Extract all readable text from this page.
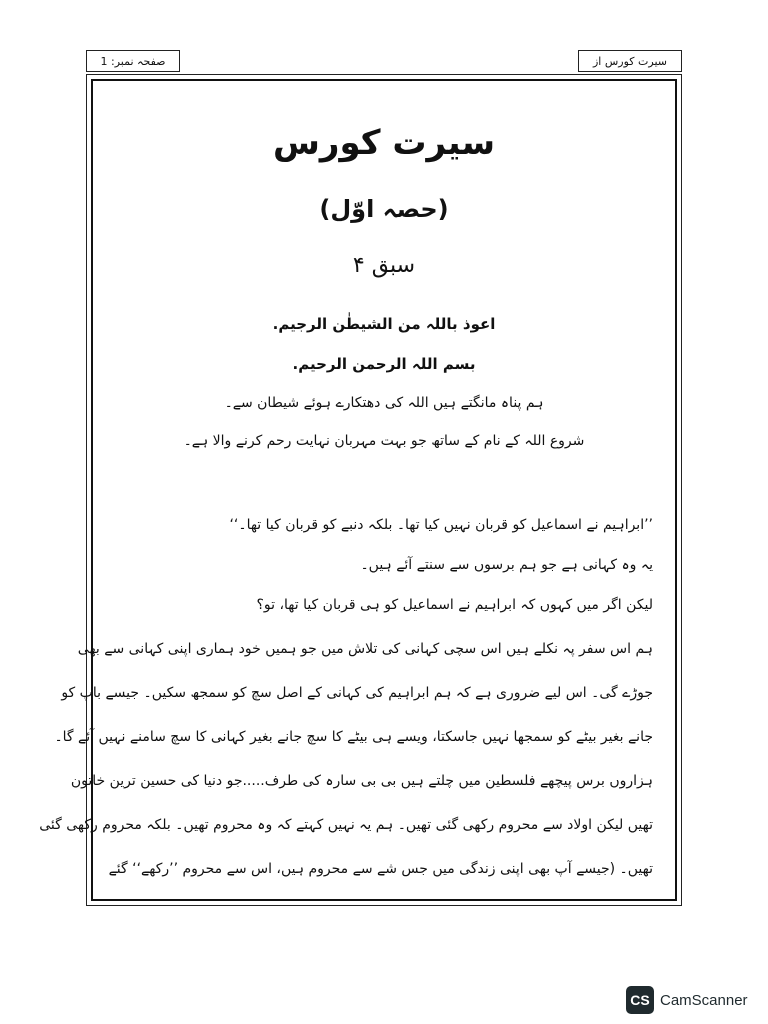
سیرت کورس از
صفحہ نمبر: 1
سیرت کورس
(حصہ اوّل)
سبق ۴
اعوذ باللہ من الشیطٰن الرجیم.
بسم اللہ الرحمن الرحیم.
ہم پناہ مانگتے ہیں اللہ کی دھتکارے ہوئے شیطان سے۔
شروع اللہ کے نام کے ساتھ جو بہت مہربان نہایت رحم کرنے والا ہے۔
’’ابراہیم نے اسماعیل کو قربان نہیں کیا تھا۔ بلکہ دنبے کو قربان کیا تھا۔‘‘
یہ وہ کہانی ہے جو ہم برسوں سے سنتے آئے ہیں۔
لیکن اگر میں کہوں کہ ابراہیم نے اسماعیل کو ہی قربان کیا تھا، تو؟
ہم اس سفر پہ نکلے ہیں اس سچی کہانی کی تلاش میں جو ہمیں خود ہماری اپنی کہانی سے بھی
جوڑے گی۔ اس لیے ضروری ہے کہ ہم ابراہیم کی کہانی کے اصل سچ کو سمجھ سکیں۔ جیسے باپ کو
جانے بغیر بیٹے کو سمجھا نہیں جاسکتا، ویسے ہی بیٹے کا سچ جانے بغیر کہانی کا سچ سامنے نہیں آئے گا۔
ہزاروں برس پیچھے فلسطین میں چلتے ہیں بی بی سارہ کی طرف.....جو دنیا کی حسین ترین خاتون
تھیں لیکن اولاد سے محروم رکھی گئی تھیں۔ ہم یہ نہیں کہتے کہ وہ محروم تھیں۔ بلکہ محروم رکھی گئی
تھیں۔ (جیسے آپ بھی اپنی زندگی میں جس شے سے محروم ہیں، اس سے محروم ’’رکھے‘‘ گئے
CS CamScanner
